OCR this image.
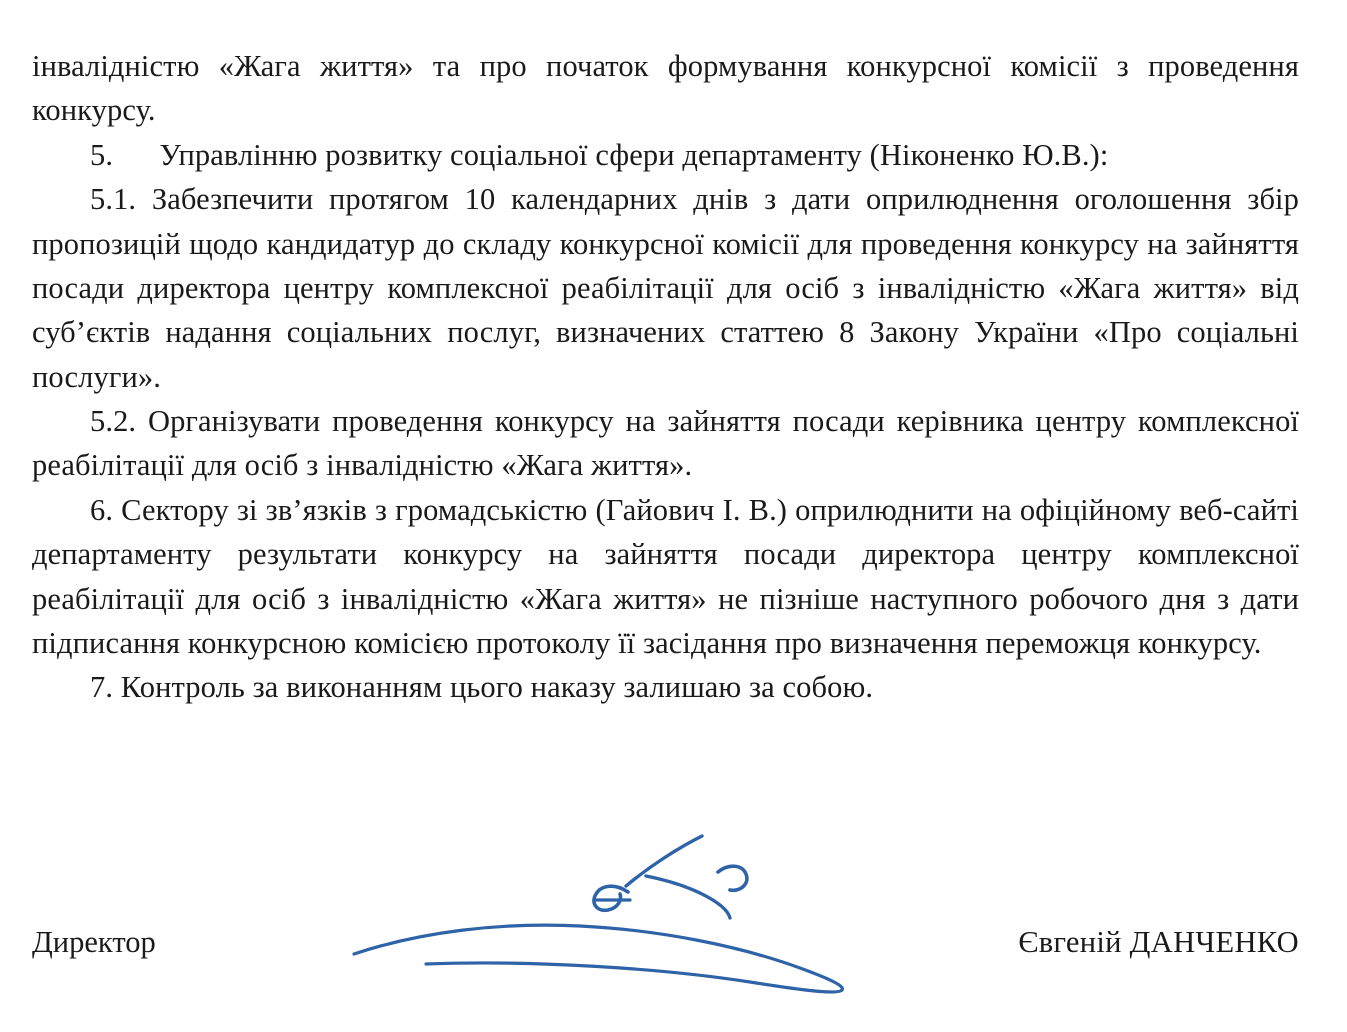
інвалідністю «Жага життя» та про початок формування конкурсної комісії з проведення конкурсу.

5.      Управлінню розвитку соціальної сфери департаменту (Ніконенко Ю.В.):

5.1. Забезпечити протягом 10 календарних днів з дати оприлюднення оголошення збір пропозицій щодо кандидатур до складу конкурсної комісії для проведення конкурсу на зайняття посади директора центру комплексної реабілітації для осіб з інвалідністю «Жага життя» від суб’єктів надання соціальних послуг, визначених статтею 8 Закону України «Про соціальні послуги».

5.2. Організувати проведення конкурсу на зайняття посади керівника центру комплексної реабілітації для осіб з інвалідністю «Жага життя».

6. Сектору зі зв’язків з громадськістю (Гайович І. В.) оприлюднити на офіційному веб-сайті департаменту результати конкурсу на зайняття посади директора центру комплексної реабілітації для осіб з інвалідністю «Жага життя» не пізніше наступного робочого дня з дати підписання конкурсною комісією протоколу її засідання про визначення переможця конкурсу.

7. Контроль за виконанням цього наказу залишаю за собою.

Директор	Євгеній ДАНЧЕНКО
